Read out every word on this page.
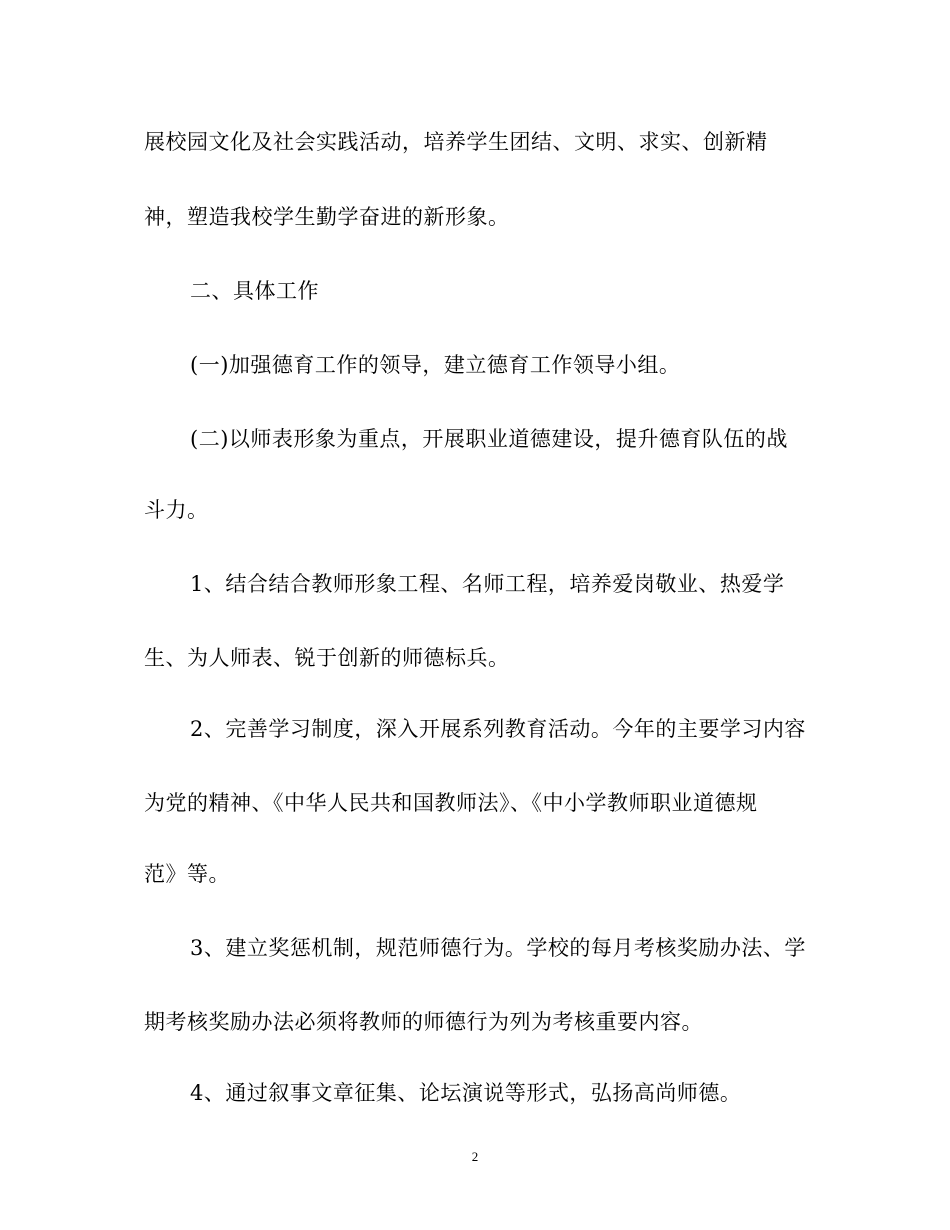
展校园文化及社会实践活动，培养学生团结、文明、求实、创新精
神，塑造我校学生勤学奋进的新形象。
二、具体工作
(一)加强德育工作的领导，建立德育工作领导小组。
(二)以师表形象为重点，开展职业道德建设，提升德育队伍的战
斗力。
1、结合结合教师形象工程、名师工程，培养爱岗敬业、热爱学
生、为人师表、锐于创新的师德标兵。
2、完善学习制度，深入开展系列教育活动。今年的主要学习内容
为党的精神、《中华人民共和国教师法》、《中小学教师职业道德规
范》等。
3、建立奖惩机制，规范师德行为。学校的每月考核奖励办法、学
期考核奖励办法必须将教师的师德行为列为考核重要内容。
4、通过叙事文章征集、论坛演说等形式，弘扬高尚师德。
2
